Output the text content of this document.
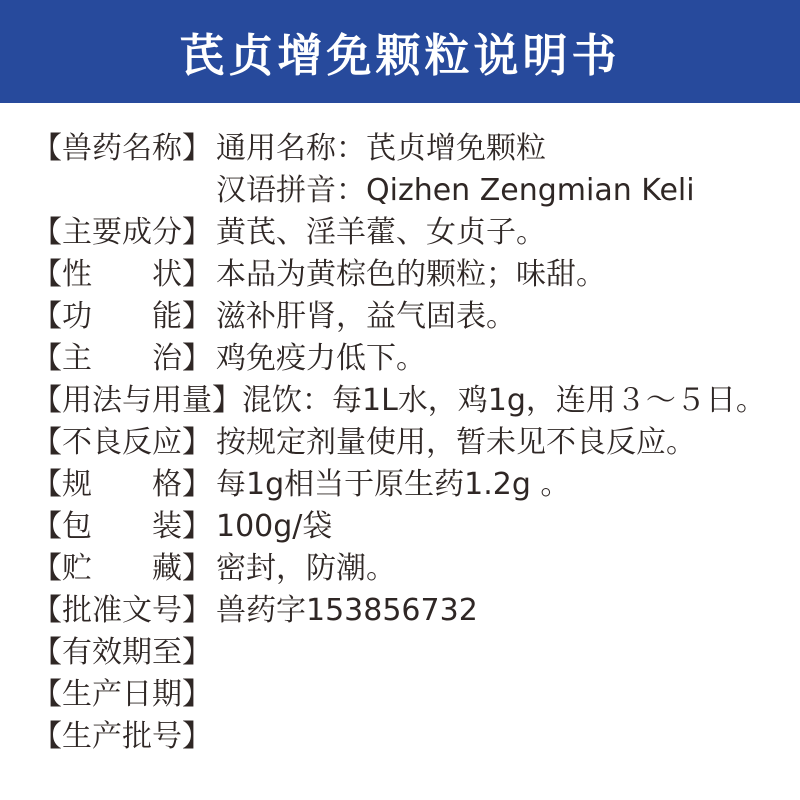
芪贞增免颗粒说明书
【兽药名称】 通用名称：芪贞增免颗粒
汉语拼音：Qizhen Zengmian Keli
【主要成分】 黄芪、淫羊藿、女贞子。
【性　　状】 本品为黄棕色的颗粒；味甜。
【功　　能】 滋补肝肾，益气固表。
【主　　治】 鸡免疫力低下。
【用法与用量】 混饮：每1L水，鸡1g，连用３～５日。
【不良反应】 按规定剂量使用，暂未见不良反应。
【规　　格】 每1g相当于原生药1.2g 。
【包　　装】 100g/袋
【贮　　藏】 密封，防潮。
【批准文号】 兽药字153856732
【有效期至】
【生产日期】
【生产批号】
